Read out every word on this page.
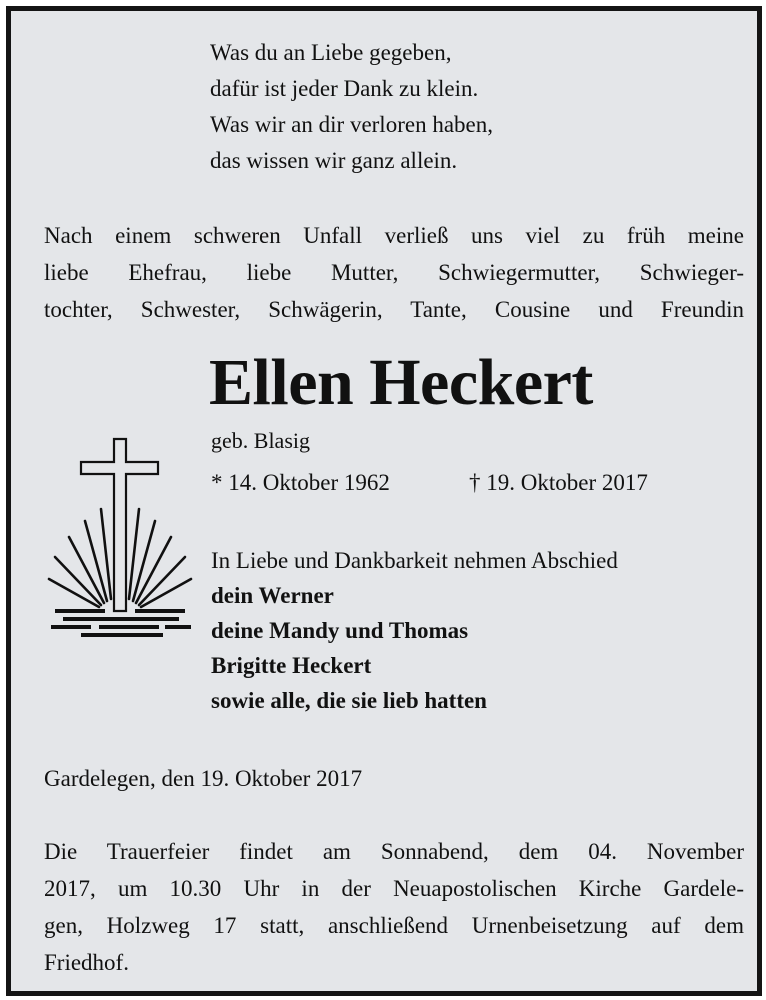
Was du an Liebe gegeben,
dafür ist jeder Dank zu klein.
Was wir an dir verloren haben,
das wissen wir ganz allein.
Nach einem schweren Unfall verließ uns viel zu früh meine
liebe Ehefrau, liebe Mutter, Schwiegermutter, Schwieger-
tochter, Schwester, Schwägerin, Tante, Cousine und Freundin
Ellen Heckert
geb. Blasig
* 14. Oktober 1962	† 19. Oktober 2017
In Liebe und Dankbarkeit nehmen Abschied
dein Werner
deine Mandy und Thomas
Brigitte Heckert
sowie alle, die sie lieb hatten
Gardelegen, den 19. Oktober 2017
Die Trauerfeier findet am Sonnabend, dem 04. November
2017, um 10.30 Uhr in der Neuapostolischen Kirche Gardele-
gen, Holzweg 17 statt, anschließend Urnenbeisetzung auf dem
Friedhof.
